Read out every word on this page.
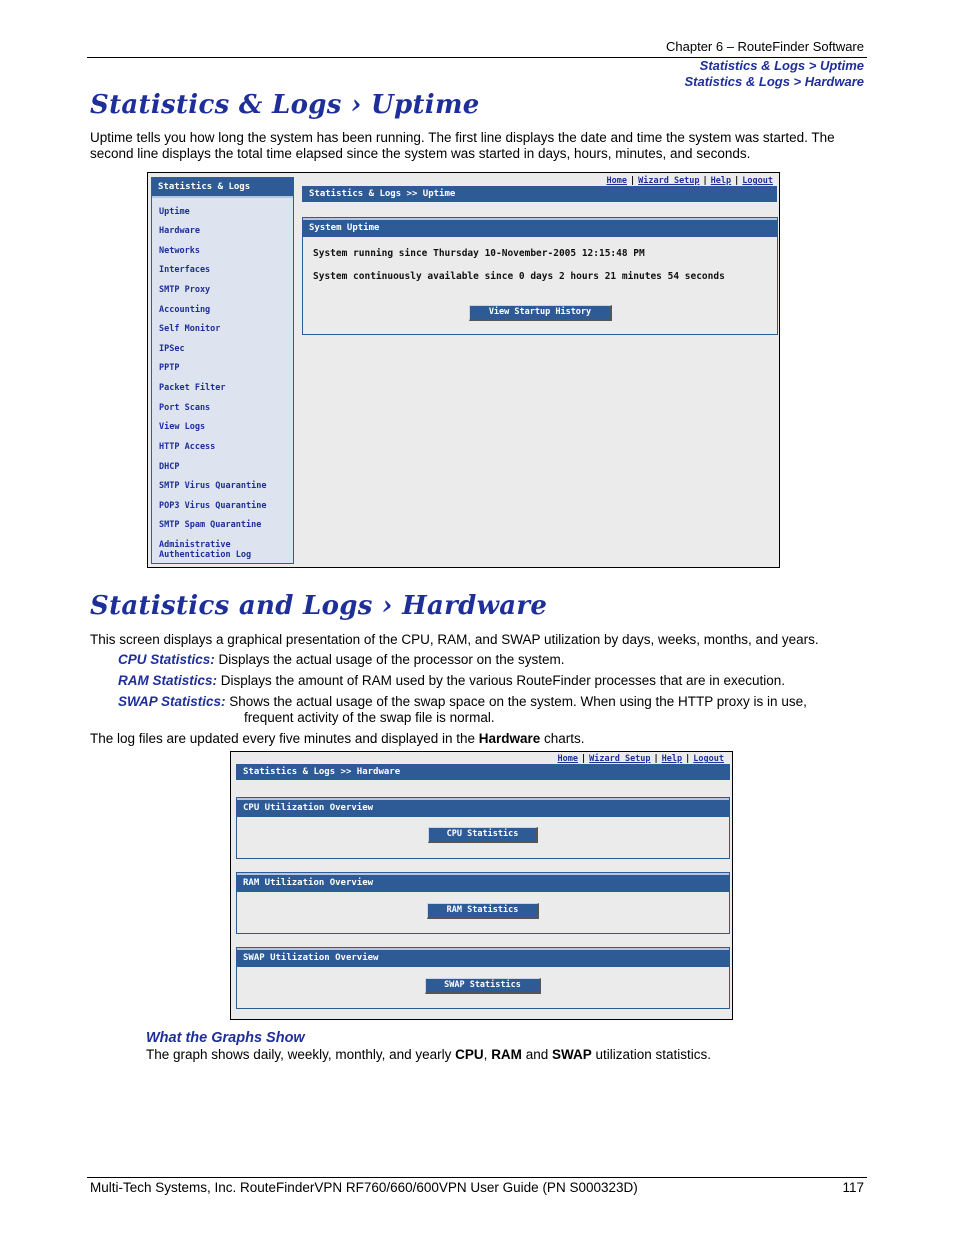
Chapter 6 – RouteFinder Software
Statistics & Logs > Uptime
Statistics & Logs > Hardware
Statistics & Logs › Uptime

Uptime tells you how long the system has been running. The first line displays the date and time the system was started. The second line displays the total time elapsed since the system was started in days, hours, minutes, and seconds.

Statistics & Logs
Uptime
Hardware
Networks
Interfaces
SMTP Proxy
Accounting
Self Monitor
IPSec
PPTP
Packet Filter
Port Scans
View Logs
HTTP Access
DHCP
SMTP Virus Quarantine
POP3 Virus Quarantine
SMTP Spam Quarantine
Administrative
Authentication Log
Home | Wizard Setup | Help | Logout
Statistics & Logs >> Uptime
System Uptime
System running since Thursday 10-November-2005 12:15:48 PM
System continuously available since 0 days 2 hours 21 minutes 54 seconds
View Startup History
Statistics and Logs › Hardware

This screen displays a graphical presentation of the CPU, RAM, and SWAP utilization by days, weeks, months, and years.

CPU Statistics: Displays the actual usage of the processor on the system.

RAM Statistics: Displays the amount of RAM used by the various RouteFinder processes that are in execution.

SWAP Statistics: Shows the actual usage of the swap space on the system. When using the HTTP proxy is in use,

frequent activity of the swap file is normal.

The log files are updated every five minutes and displayed in the Hardware charts.

Home | Wizard Setup | Help | Logout
Statistics & Logs >> Hardware
CPU Utilization Overview
CPU Statistics
RAM Utilization Overview
RAM Statistics
SWAP Utilization Overview
SWAP Statistics

What the Graphs Show

The graph shows daily, weekly, monthly, and yearly CPU, RAM and SWAP utilization statistics.

Multi-Tech Systems, Inc. RouteFinderVPN RF760/660/600VPN User Guide (PN S000323D)	117
